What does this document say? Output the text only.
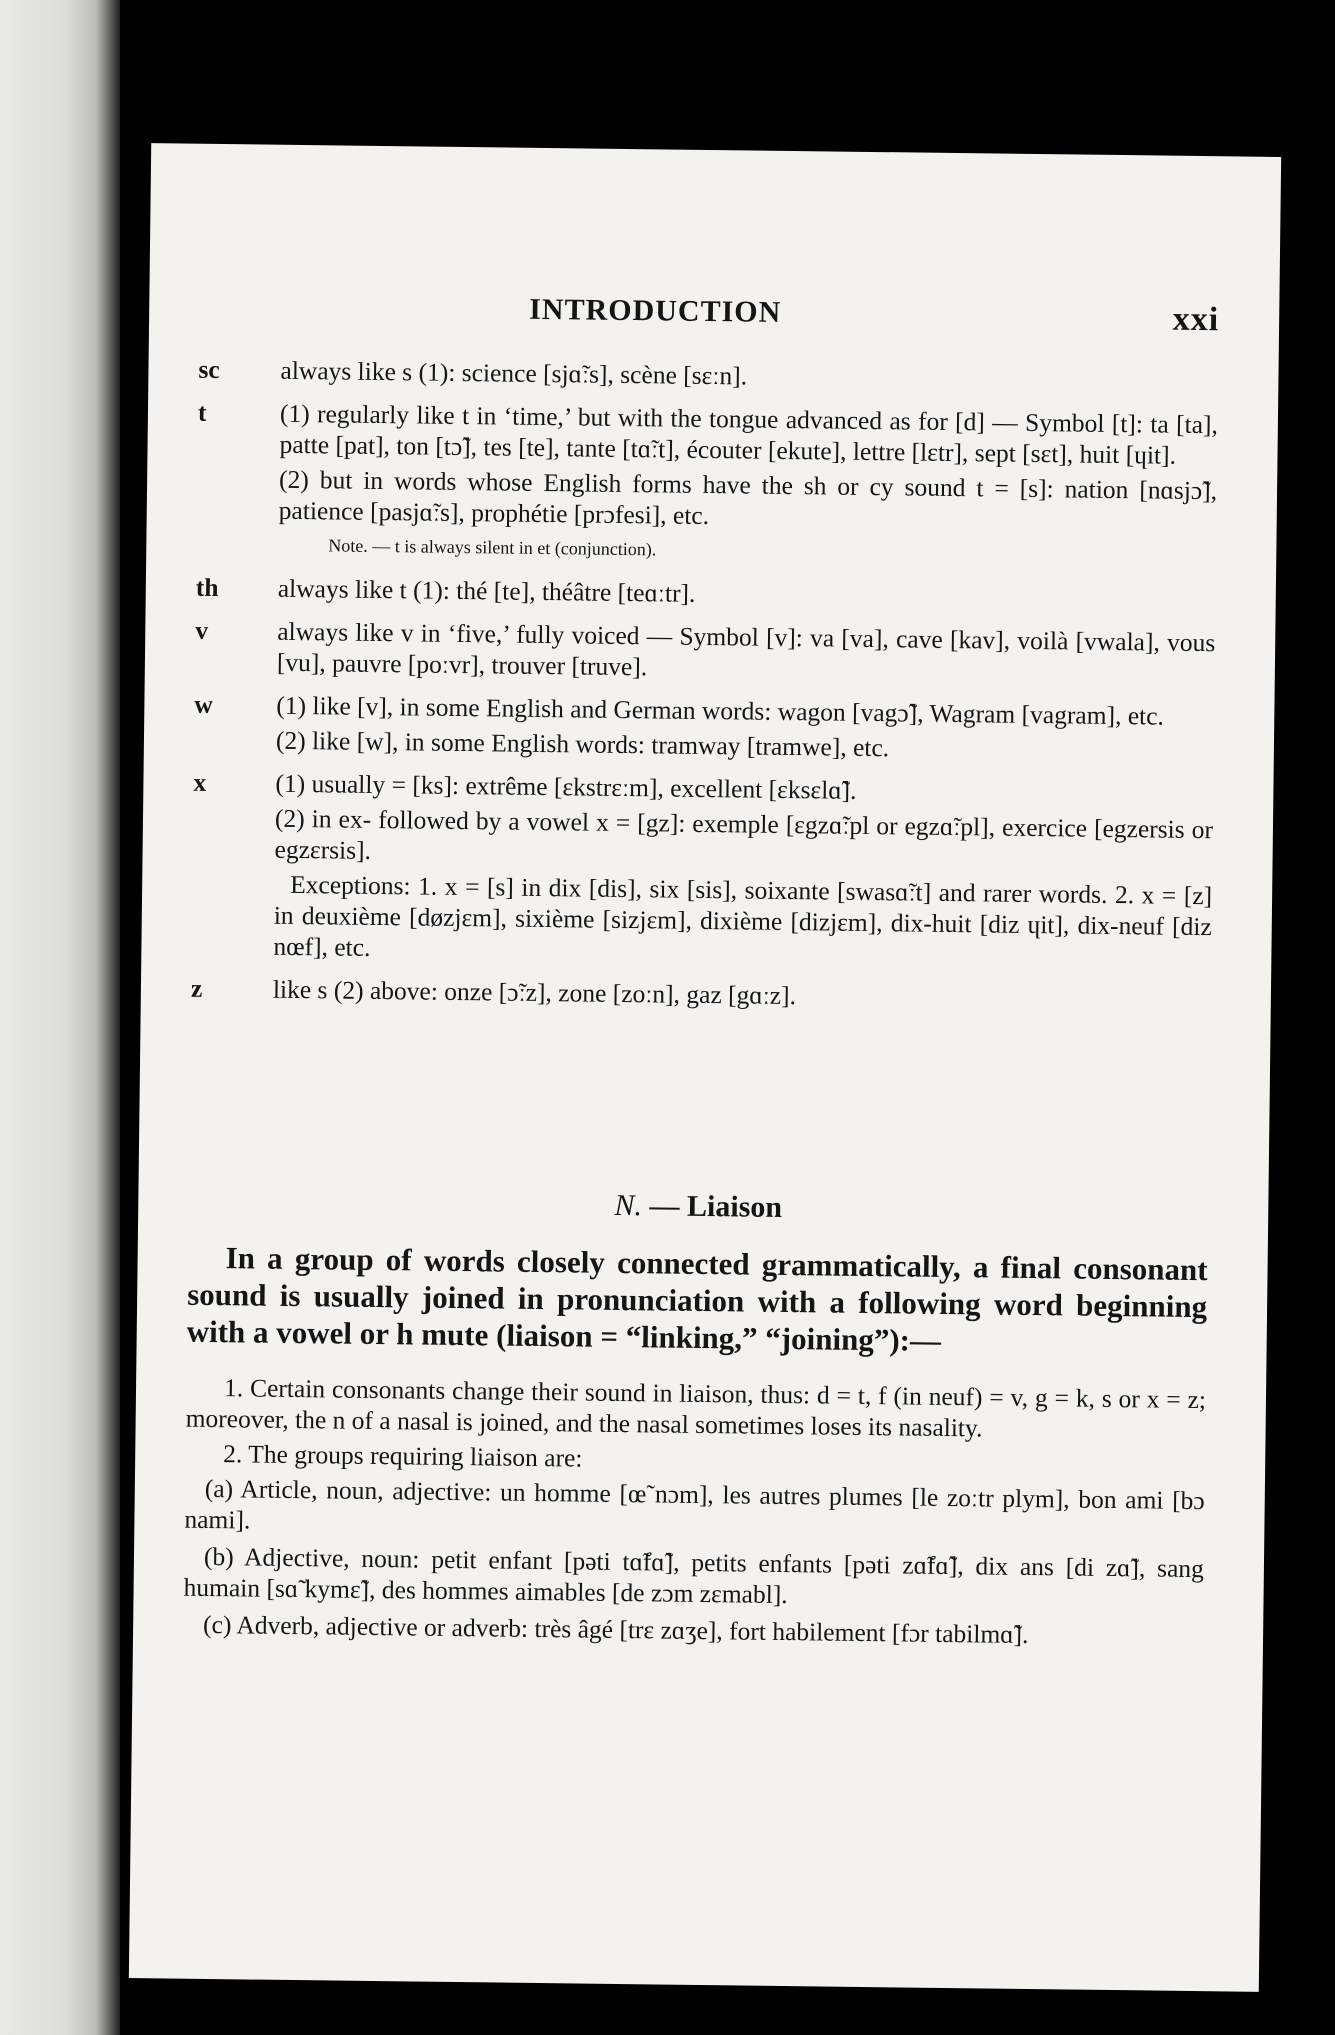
INTRODUCTION	xxi
sc	always like s (1): science [sjɑ̃ːs], scène [sɛːn].

t	(1) regularly like t in ‘time,’ but with the tongue advanced as for [d] — Symbol [t]: ta [ta], patte [pat], ton [tɔ̃], tes [te], tante [tɑ̃ːt], écouter [ekute], lettre [lɛtr], sept [sɛt], huit [ɥit].

(2) but in words whose English forms have the sh or cy sound t = [s]: nation [nɑsjɔ̃], patience [pasjɑ̃ːs], prophétie [prɔfesi], etc.

Note. — t is always silent in et (conjunction).

th	always like t (1): thé [te], théâtre [teɑːtr].

v	always like v in ‘five,’ fully voiced — Symbol [v]: va [va], cave [kav], voilà [vwala], vous [vu], pauvre [poːvr], trouver [truve].

w	(1) like [v], in some English and German words: wagon [vagɔ̃], Wagram [vagram], etc.

(2) like [w], in some English words: tramway [tramwe], etc.

x	(1) usually = [ks]: extrême [ɛkstrɛːm], excellent [ɛksɛlɑ̃].

(2) in ex- followed by a vowel x = [gz]: exemple [ɛgzɑ̃ːpl or egzɑ̃ːpl], exercice [egzersis or egzɛrsis].

Exceptions: 1. x = [s] in dix [dis], six [sis], soixante [swasɑ̃ːt] and rarer words. 2. x = [z] in deuxième [døzjɛm], sixième [sizjɛm], dixième [dizjɛm], dix-huit [diz ɥit], dix-neuf [diz nœf], etc.

z	like s (2) above: onze [ɔ̃ːz], zone [zoːn], gaz [gɑːz].

N. — Liaison

In a group of words closely connected grammatically, a final consonant sound is usually joined in pronunciation with a following word beginning with a vowel or h mute (liaison = “linking,” “joining”):—

1. Certain consonants change their sound in liaison, thus: d = t, f (in neuf) = v, g = k, s or x = z; moreover, the n of a nasal is joined, and the nasal sometimes loses its nasality.

2. The groups requiring liaison are:

(a) Article, noun, adjective: un homme [œ̃ nɔm], les autres plumes [le zoːtr plym], bon ami [bɔ nami].

(b) Adjective, noun: petit enfant [pəti tɑ̃fɑ̃], petits enfants [pəti zɑ̃fɑ̃], dix ans [di zɑ̃], sang humain [sɑ̃ kymɛ̃], des hommes aimables [de zɔm zɛmabl].

(c) Adverb, adjective or adverb: très âgé [trɛ zɑʒe], fort habilement [fɔr tabilmɑ̃].
